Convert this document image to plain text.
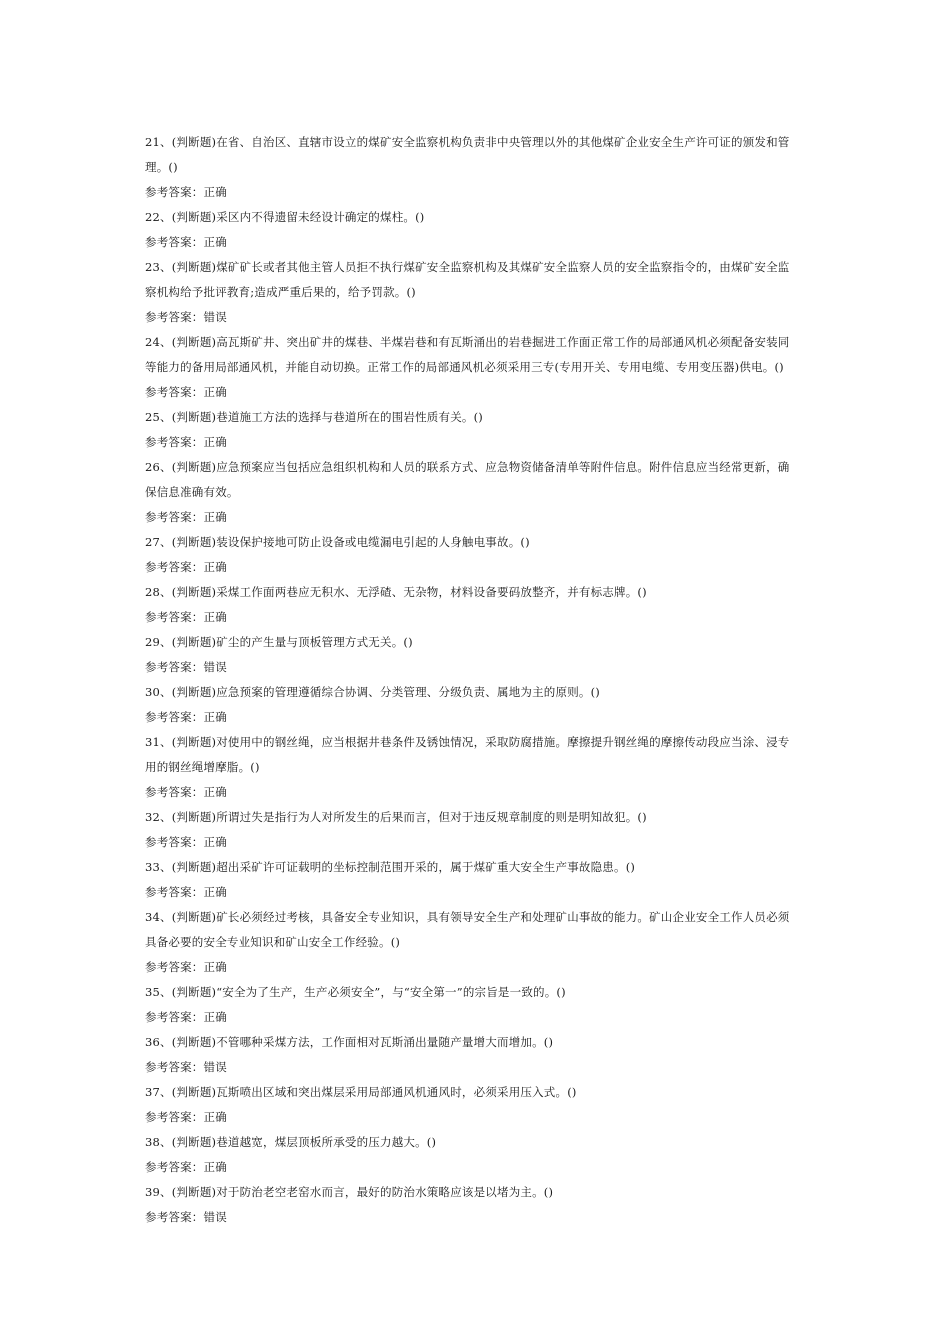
21、(判断题)在省、自治区、直辖市设立的煤矿安全监察机构负责非中央管理以外的其他煤矿企业安全生产许可证的颁发和管
理。()
参考答案：正确
22、(判断题)采区内不得遗留未经设计确定的煤柱。()
参考答案：正确
23、(判断题)煤矿矿长或者其他主管人员拒不执行煤矿安全监察机构及其煤矿安全监察人员的安全监察指令的，由煤矿安全监
察机构给予批评教育;造成严重后果的，给予罚款。()
参考答案：错误
24、(判断题)高瓦斯矿井、突出矿井的煤巷、半煤岩巷和有瓦斯涌出的岩巷掘进工作面正常工作的局部通风机必须配备安装同
等能力的备用局部通风机，并能自动切换。正常工作的局部通风机必须采用三专(专用开关、专用电缆、专用变压器)供电。()
参考答案：正确
25、(判断题)巷道施工方法的选择与巷道所在的围岩性质有关。()
参考答案：正确
26、(判断题)应急预案应当包括应急组织机构和人员的联系方式、应急物资储备清单等附件信息。附件信息应当经常更新，确
保信息准确有效。
参考答案：正确
27、(判断题)装设保护接地可防止设备或电缆漏电引起的人身触电事故。()
参考答案：正确
28、(判断题)采煤工作面两巷应无积水、无浮碴、无杂物，材料设备要码放整齐，并有标志牌。()
参考答案：正确
29、(判断题)矿尘的产生量与顶板管理方式无关。()
参考答案：错误
30、(判断题)应急预案的管理遵循综合协调、分类管理、分级负责、属地为主的原则。()
参考答案：正确
31、(判断题)对使用中的钢丝绳，应当根据井巷条件及锈蚀情况，采取防腐措施。摩擦提升钢丝绳的摩擦传动段应当涂、浸专
用的钢丝绳增摩脂。()
参考答案：正确
32、(判断题)所谓过失是指行为人对所发生的后果而言，但对于违反规章制度的则是明知故犯。()
参考答案：正确
33、(判断题)超出采矿许可证载明的坐标控制范围开采的，属于煤矿重大安全生产事故隐患。()
参考答案：正确
34、(判断题)矿长必须经过考核，具备安全专业知识，具有领导安全生产和处理矿山事故的能力。矿山企业安全工作人员必须
具备必要的安全专业知识和矿山安全工作经验。()
参考答案：正确
35、(判断题)“安全为了生产，生产必须安全”，与“安全第一”的宗旨是一致的。()
参考答案：正确
36、(判断题)不管哪种采煤方法，工作面相对瓦斯涌出量随产量增大而增加。()
参考答案：错误
37、(判断题)瓦斯喷出区域和突出煤层采用局部通风机通风时，必须采用压入式。()
参考答案：正确
38、(判断题)巷道越宽，煤层顶板所承受的压力越大。()
参考答案：正确
39、(判断题)对于防治老空老窑水而言，最好的防治水策略应该是以堵为主。()
参考答案：错误
